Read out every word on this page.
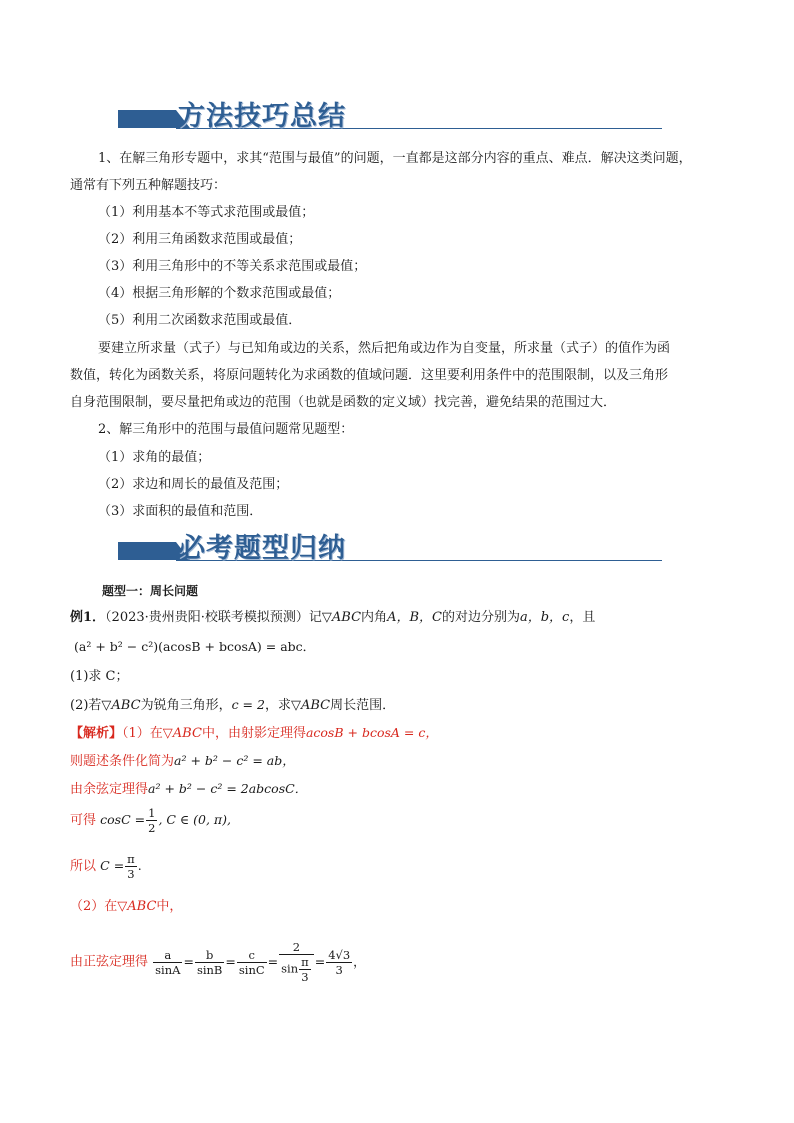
方法技巧总结
1、在解三角形专题中，求其“范围与最值”的问题，一直都是这部分内容的重点、难点．解决这类问题，
通常有下列五种解题技巧：
（1）利用基本不等式求范围或最值；
（2）利用三角函数求范围或最值；
（3）利用三角形中的不等关系求范围或最值；
（4）根据三角形解的个数求范围或最值；
（5）利用二次函数求范围或最值．
要建立所求量（式子）与已知角或边的关系，然后把角或边作为自变量，所求量（式子）的值作为函
数值，转化为函数关系，将原问题转化为求函数的值域问题．这里要利用条件中的范围限制，以及三角形
自身范围限制，要尽量把角或边的范围（也就是函数的定义域）找完善，避免结果的范围过大．
2、解三角形中的范围与最值问题常见题型：
（1）求角的最值；
（2）求边和周长的最值及范围；
（3）求面积的最值和范围．
必考题型归纳
题型一：周长问题
例1．（2023·贵州贵阳·校联考模拟预测）记▽ABC内角A，B，C的对边分别为a，b，c，且
(a² + b² − c²)(acosB + bcosA) = abc．
(1)求 C；
(2)若▽ABC为锐角三角形，c = 2，求▽ABC周长范围．
【解析】（1）在▽ABC中，由射影定理得acosB + bcosA = c，
则题述条件化简为a² + b² − c² = ab，
由余弦定理得a² + b² − c² = 2abcosC．
可得 $\cos C = \frac{1}{2}$ , C ∈ (0, π),
所以 $C = \frac{\pi}{3}$ .
（2）在▽ABC中，
由正弦定理得 $\frac{a}{\sin A} = \frac{b}{\sin B} = \frac{c}{\sin C} = \frac{2}{\sin \frac{\pi}{3}} = \frac{4√3}{3}$ ，
